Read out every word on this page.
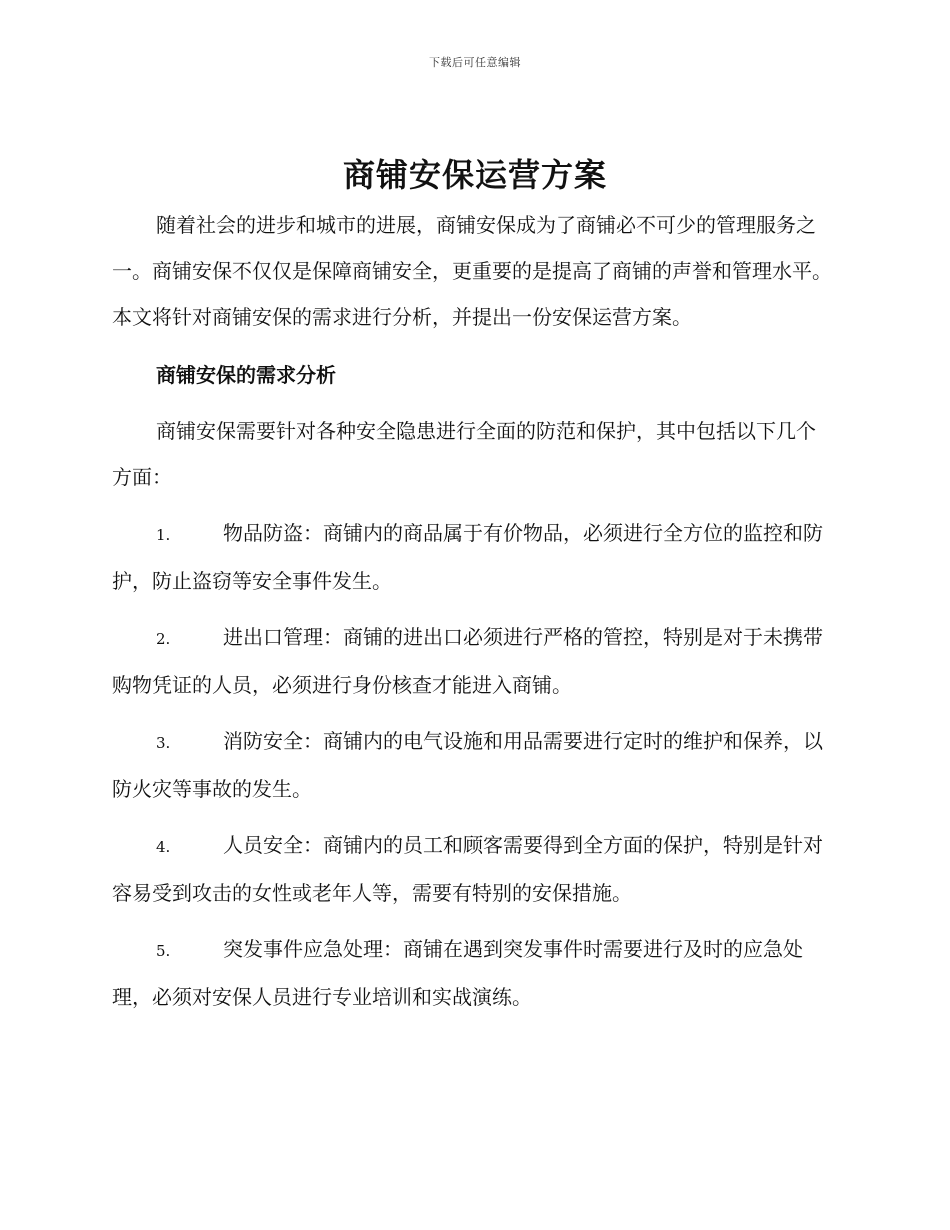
下载后可任意编辑
商铺安保运营方案

随着社会的进步和城市的进展，商铺安保成为了商铺必不可少的管理服务之一。商铺安保不仅仅是保障商铺安全，更重要的是提高了商铺的声誉和管理水平。本文将针对商铺安保的需求进行分析，并提出一份安保运营方案。

商铺安保的需求分析

商铺安保需要针对各种安全隐患进行全面的防范和保护，其中包括以下几个方面：

1.	物品防盗：商铺内的商品属于有价物品，必须进行全方位的监控和防护，防止盗窃等安全事件发生。

2.	进出口管理：商铺的进出口必须进行严格的管控，特别是对于未携带购物凭证的人员，必须进行身份核查才能进入商铺。

3.	消防安全：商铺内的电气设施和用品需要进行定时的维护和保养，以防火灾等事故的发生。

4.	人员安全：商铺内的员工和顾客需要得到全方面的保护，特别是针对容易受到攻击的女性或老年人等，需要有特别的安保措施。

5.	突发事件应急处理：商铺在遇到突发事件时需要进行及时的应急处理，必须对安保人员进行专业培训和实战演练。
